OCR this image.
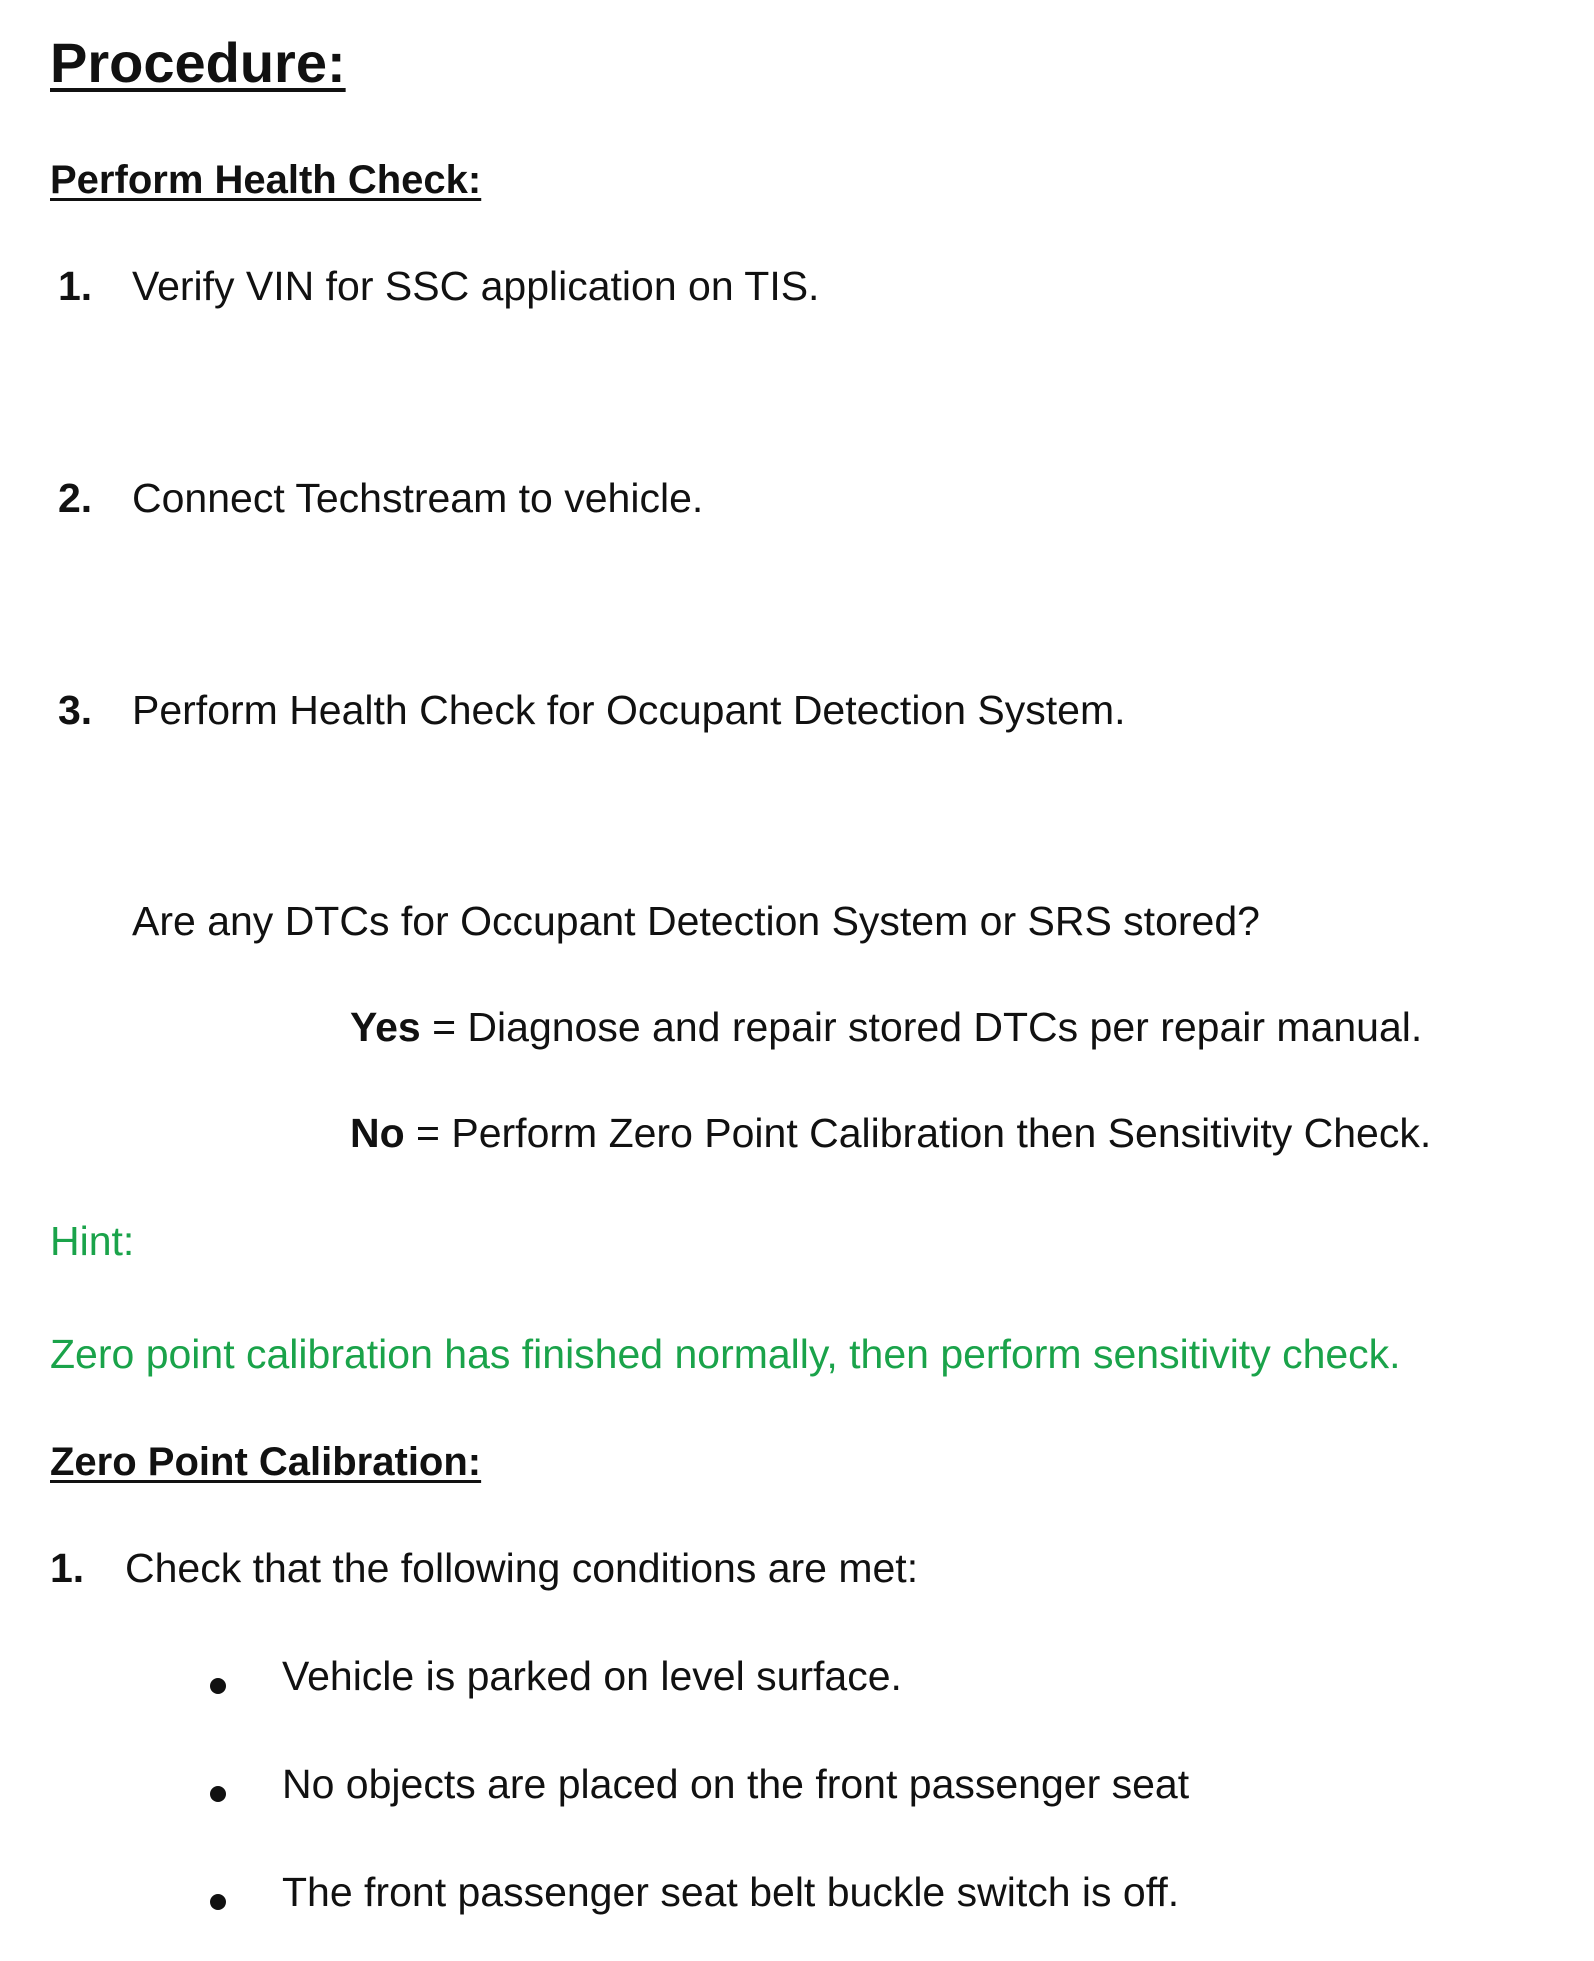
Procedure:
Perform Health Check:
1. Verify VIN for SSC application on TIS.
2. Connect Techstream to vehicle.
3. Perform Health Check for Occupant Detection System.
Are any DTCs for Occupant Detection System or SRS stored?
Yes = Diagnose and repair stored DTCs per repair manual.
No = Perform Zero Point Calibration then Sensitivity Check.
Hint:
Zero point calibration has finished normally, then perform sensitivity check.
Zero Point Calibration:
1. Check that the following conditions are met:
Vehicle is parked on level surface.
No objects are placed on the front passenger seat
The front passenger seat belt buckle switch is off.
